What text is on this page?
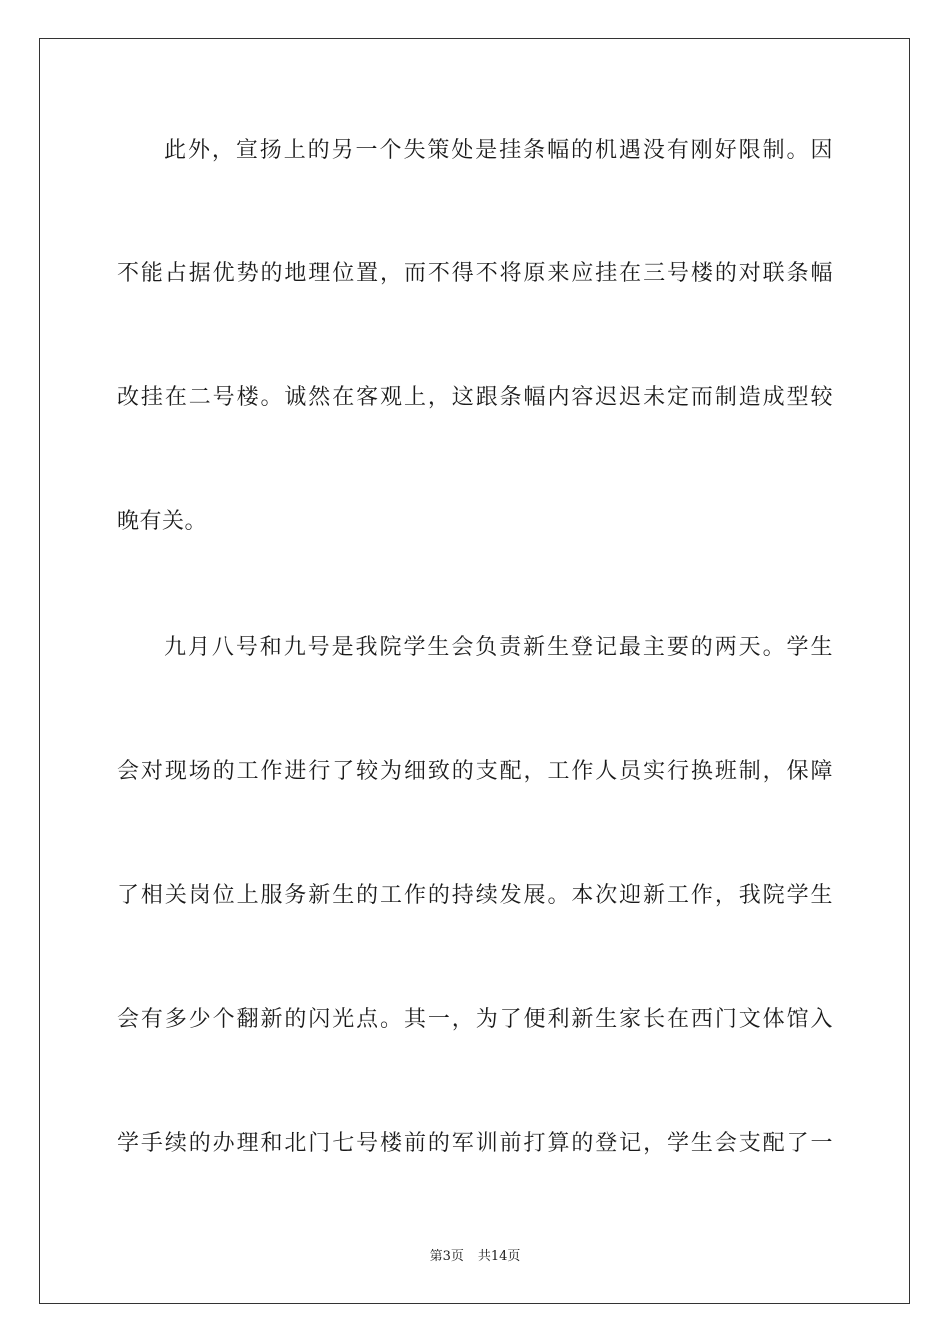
此外，宣扬上的另一个失策处是挂条幅的机遇没有刚好限制。因
不能占据优势的地理位置，而不得不将原来应挂在三号楼的对联条幅
改挂在二号楼。诚然在客观上，这跟条幅内容迟迟未定而制造成型较
晚有关。
九月八号和九号是我院学生会负责新生登记最主要的两天。学生
会对现场的工作进行了较为细致的支配，工作人员实行换班制，保障
了相关岗位上服务新生的工作的持续发展。本次迎新工作，我院学生
会有多少个翻新的闪光点。其一，为了便利新生家长在西门文体馆入
学手续的办理和北门七号楼前的军训前打算的登记，学生会支配了一
第3页 共14页
